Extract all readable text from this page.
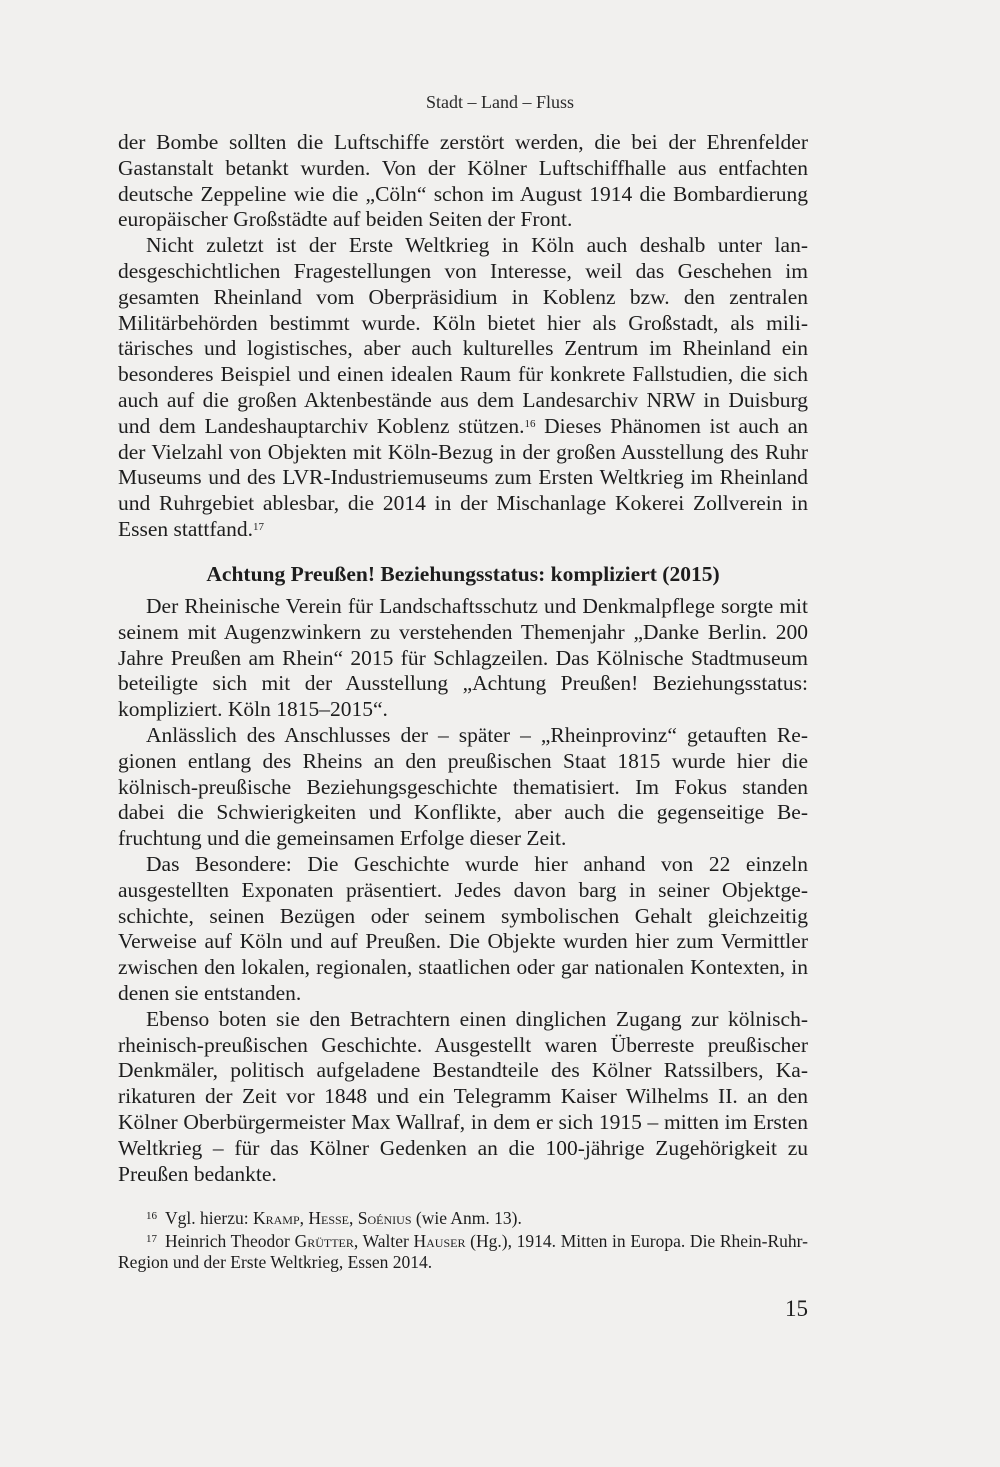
Stadt – Land – Fluss

der Bombe sollten die Luftschiffe zerstört werden, die bei der Ehrenfelder Gastanstalt betankt wurden. Von der Kölner Luftschiffhalle aus entfachten deutsche Zeppeline wie die „Cöln“ schon im August 1914 die Bombardierung europäischer Großstädte auf beiden Seiten der Front.

Nicht zuletzt ist der Erste Weltkrieg in Köln auch deshalb unter landesgeschichtlichen Fragestellungen von Interesse, weil das Geschehen im gesamten Rheinland vom Oberpräsidium in Koblenz bzw. den zentralen Militärbehörden bestimmt wurde. Köln bietet hier als Großstadt, als militärisches und logistisches, aber auch kulturelles Zentrum im Rheinland ein besonderes Beispiel und einen idealen Raum für konkrete Fallstudien, die sich auch auf die großen Aktenbestände aus dem Landesarchiv NRW in Duisburg und dem Landeshauptarchiv Koblenz stützen.$^{16}$ Dieses Phänomen ist auch an der Vielzahl von Objekten mit Köln-Bezug in der großen Ausstellung des Ruhr Museums und des LVR-Industriemuseums zum Ersten Weltkrieg im Rheinland und Ruhrgebiet ablesbar, die 2014 in der Mischanlage Kokerei Zollverein in Essen stattfand.$^{17}$

Achtung Preußen! Beziehungsstatus: kompliziert (2015)

Der Rheinische Verein für Landschaftsschutz und Denkmalpflege sorgte mit seinem mit Augenzwinkern zu verstehenden Themenjahr „Danke Berlin. 200 Jahre Preußen am Rhein“ 2015 für Schlagzeilen. Das Kölnische Stadtmuseum beteiligte sich mit der Ausstellung „Achtung Preußen! Beziehungsstatus: kompliziert. Köln 1815–2015“.

Anlässlich des Anschlusses der – später – „Rheinprovinz“ getauften Regionen entlang des Rheins an den preußischen Staat 1815 wurde hier die kölnisch-preußische Beziehungsgeschichte thematisiert. Im Fokus standen dabei die Schwierigkeiten und Konflikte, aber auch die gegenseitige Befruchtung und die gemeinsamen Erfolge dieser Zeit.

Das Besondere: Die Geschichte wurde hier anhand von 22 einzeln ausgestellten Exponaten präsentiert. Jedes davon barg in seiner Objektgeschichte, seinen Bezügen oder seinem symbolischen Gehalt gleichzeitig Verweise auf Köln und auf Preußen. Die Objekte wurden hier zum Vermittler zwischen den lokalen, regionalen, staatlichen oder gar nationalen Kontexten, in denen sie entstanden.

Ebenso boten sie den Betrachtern einen dinglichen Zugang zur kölnisch-rheinisch-preußischen Geschichte. Ausgestellt waren Überreste preußischer Denkmäler, politisch aufgeladene Bestandteile des Kölner Ratssilbers, Karikaturen der Zeit vor 1848 und ein Telegramm Kaiser Wilhelms II. an den Kölner Oberbürgermeister Max Wallraf, in dem er sich 1915 – mitten im Ersten Weltkrieg – für das Kölner Gedenken an die 100-jährige Zugehörigkeit zu Preußen bedankte.

$^{16}$ Vgl. hierzu: Kramp, Hesse, Soénius (wie Anm. 13).

$^{17}$ Heinrich Theodor Grütter, Walter Hauser (Hg.), 1914. Mitten in Europa. Die Rhein-Ruhr-Region und der Erste Weltkrieg, Essen 2014.

15
